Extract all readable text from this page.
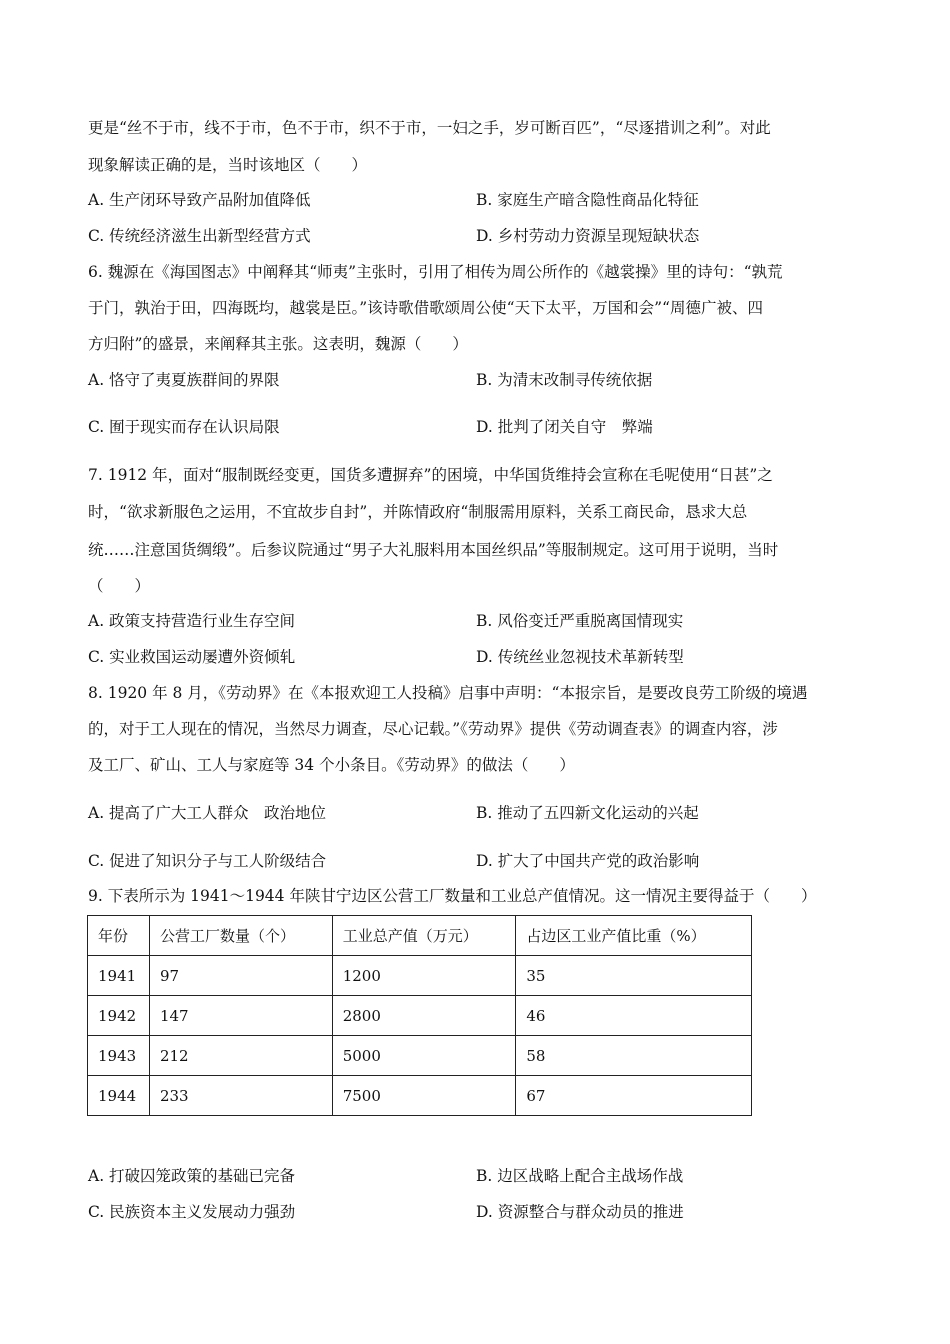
更是“丝不于市，线不于市，色不于市，织不于市，一妇之手，岁可断百匹”，“尽逐措训之利”。对此
现象解读正确的是，当时该地区（　　）
A. 生产闭环导致产品附加值降低	B. 家庭生产暗含隐性商品化特征
C. 传统经济滋生出新型经营方式	D. 乡村劳动力资源呈现短缺状态
6. 魏源在《海国图志》中阐释其“师夷”主张时，引用了相传为周公所作的《越裳操》里的诗句：“孰荒
于门，孰治于田，四海既均，越裳是臣。”该诗歌借歌颂周公使“天下太平，万国和会”“周德广被、四
方归附”的盛景，来阐释其主张。这表明，魏源（　　）
A. 恪守了夷夏族群间的界限	B. 为清末改制寻传统依据
C. 囿于现实而存在认识局限	D. 批判了闭关自守　弊端
7. 1912 年，面对“服制既经变更，国货多遭摒弃”的困境，中华国货维持会宣称在毛呢使用“日甚”之
时，“欲求新服色之运用，不宜故步自封”，并陈情政府“制服需用原料，关系工商民命，恳求大总
统……注意国货绸缎”。后参议院通过“男子大礼服料用本国丝织品”等服制规定。这可用于说明，当时
（　　）
A. 政策支持营造行业生存空间	B. 风俗变迁严重脱离国情现实
C. 实业救国运动屡遭外资倾轧	D. 传统丝业忽视技术革新转型
8. 1920 年 8 月，《劳动界》在《本报欢迎工人投稿》启事中声明：“本报宗旨，是要改良劳工阶级的境遇
的，对于工人现在的情况，当然尽力调查，尽心记载。”《劳动界》提供《劳动调查表》的调查内容，涉
及工厂、矿山、工人与家庭等 34 个小条目。《劳动界》的做法（　　）
A. 提高了广大工人群众　政治地位	B. 推动了五四新文化运动的兴起
C. 促进了知识分子与工人阶级结合	D. 扩大了中国共产党的政治影响
9. 下表所示为 1941～1944 年陕甘宁边区公营工厂数量和工业总产值情况。这一情况主要得益于（　　）
年份	公营工厂数量（个）	工业总产值（万元）	占边区工业产值比重（%）
1941	97	1200	35
1942	147	2800	46
1943	212	5000	58
1944	233	7500	67
A. 打破囚笼政策的基础已完备	B. 边区战略上配合主战场作战
C. 民族资本主义发展动力强劲	D. 资源整合与群众动员的推进
